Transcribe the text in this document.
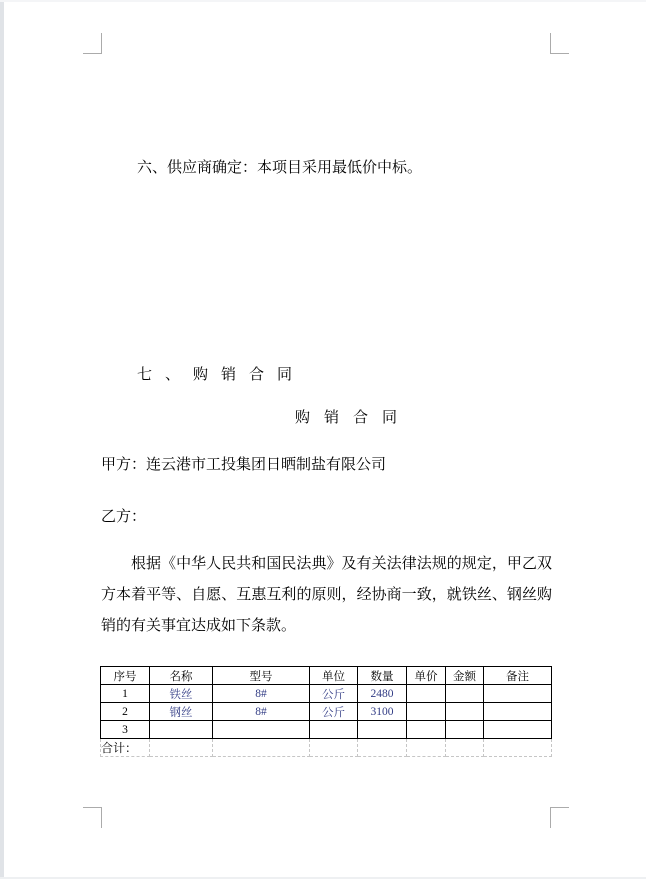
六、供应商确定：本项目采用最低价中标。
七、购销合同
购销合同
甲方：连云港市工投集团日晒制盐有限公司
乙方：
根据《中华人民共和国民法典》及有关法律法规的规定，甲乙双方本着平等、自愿、互惠互利的原则，经协商一致，就铁丝、钢丝购销的有关事宜达成如下条款。
序号	名称	型号	单位	数量	单价	金额	备注
1	铁丝	8#	公斤	2480			
2	钢丝	8#	公斤	3100			
3							
合计：							
